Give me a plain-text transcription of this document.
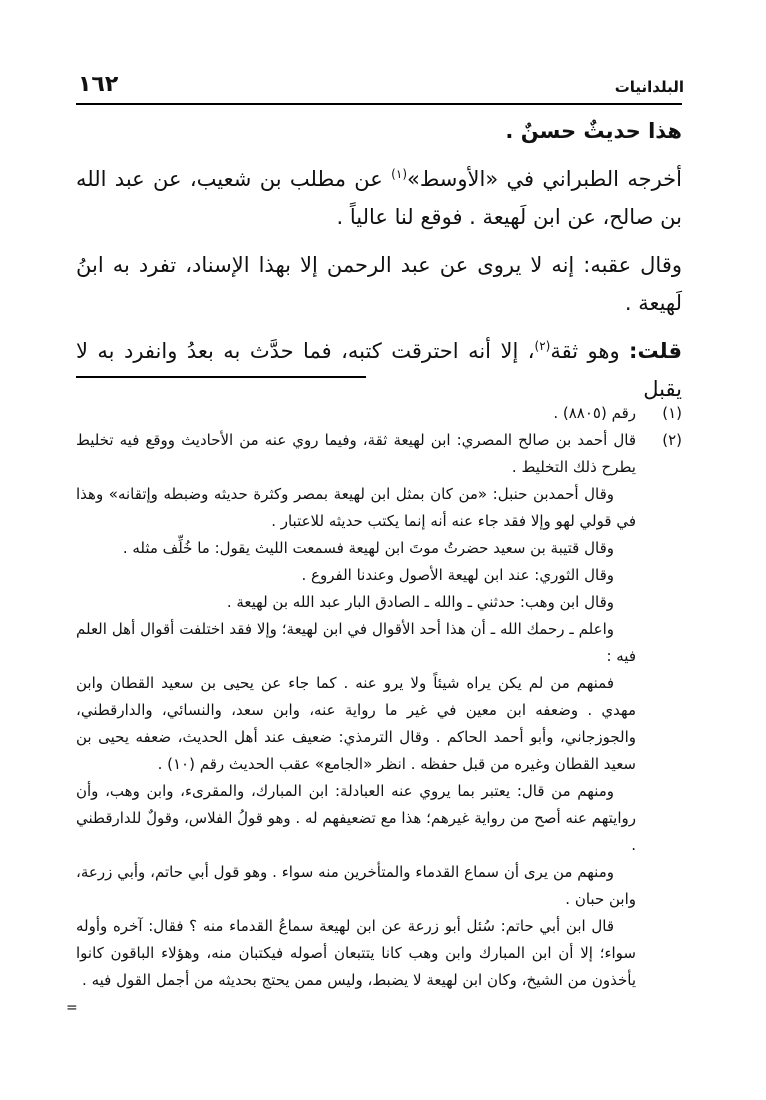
البلدانيات
١٦٢

هذا حديثٌ حسنٌ .

أخرجه الطبراني في «الأوسط»$^{(١)}$ عن مطلب بن شعيب، عن عبد الله بن صالح، عن ابن لَهيعة . فوقع لنا عالياً .

وقال عقبه: إنه لا يروى عن عبد الرحمن إلا بهذا الإسناد، تفرد به ابنُ لَهيعة .

قلت: وهو ثقة$^{(٢)}$، إلا أنه احترقت كتبه، فما حدَّث به بعدُ وانفرد به لا يقبل

(١)

رقم (٨٨٠٥) .

(٢)

قال أحمد بن صالح المصري: ابن لهيعة ثقة، وفيما روي عنه من الأحاديث ووقع فيه تخليط يطرح ذلك التخليط .

وقال أحمدبن حنبل: «من كان بمثل ابن لهيعة بمصر وكثرة حديثه وضبطه وإتقانه» وهذا في قولي لهو وإلا فقد جاء عنه أنه إنما يكتب حديثه للاعتبار .

وقال قتيبة بن سعيد حضرتُ موتَ ابن لهيعة فسمعت الليث يقول: ما خُلِّف مثله .

وقال الثوري: عند ابن لهيعة الأصول وعندنا الفروع .

وقال ابن وهب: حدثني ـ والله ـ الصادق البار عبد الله بن لهيعة .

واعلم ـ رحمك الله ـ أن هذا أحد الأقوال في ابن لهيعة؛ وإلا فقد اختلفت أقوال أهل العلم فيه :

فمنهم من لم يكن يراه شيئاً ولا يرو عنه . كما جاء عن يحيى بن سعيد القطان وابن مهدي . وضعفه ابن معين في غير ما رواية عنه، وابن سعد، والنسائي، والدارقطني، والجوزجاني، وأبو أحمد الحاكم . وقال الترمذي: ضعيف عند أهل الحديث، ضعفه يحيى بن سعيد القطان وغيره من قبل حفظه . انظر «الجامع» عقب الحديث رقم (١٠) .

ومنهم من قال: يعتبر بما يروي عنه العبادلة: ابن المبارك، والمقرىء، وابن وهب، وأن روايتهم عنه أصح من رواية غيرهم؛ هذا مع تضعيفهم له . وهو قولُ الفلاس، وقولٌ للدارقطني .

ومنهم من يرى أن سماع القدماء والمتأخرين منه سواء . وهو قول أبي حاتم، وأبي زرعة، وابن حبان .

قال ابن أبي حاتم: سُئل أبو زرعة عن ابن لهيعة سماعُ القدماء منه ؟ فقال: آخره وأوله سواء؛ إلا أن ابن المبارك وابن وهب كانا يتتبعان أصوله فيكتبان منه، وهؤلاء الباقون كانوا يأخذون من الشيخ، وكان ابن لهيعة لا يضبط، وليس ممن يحتج بحديثه من أجمل القول فيه .

=
